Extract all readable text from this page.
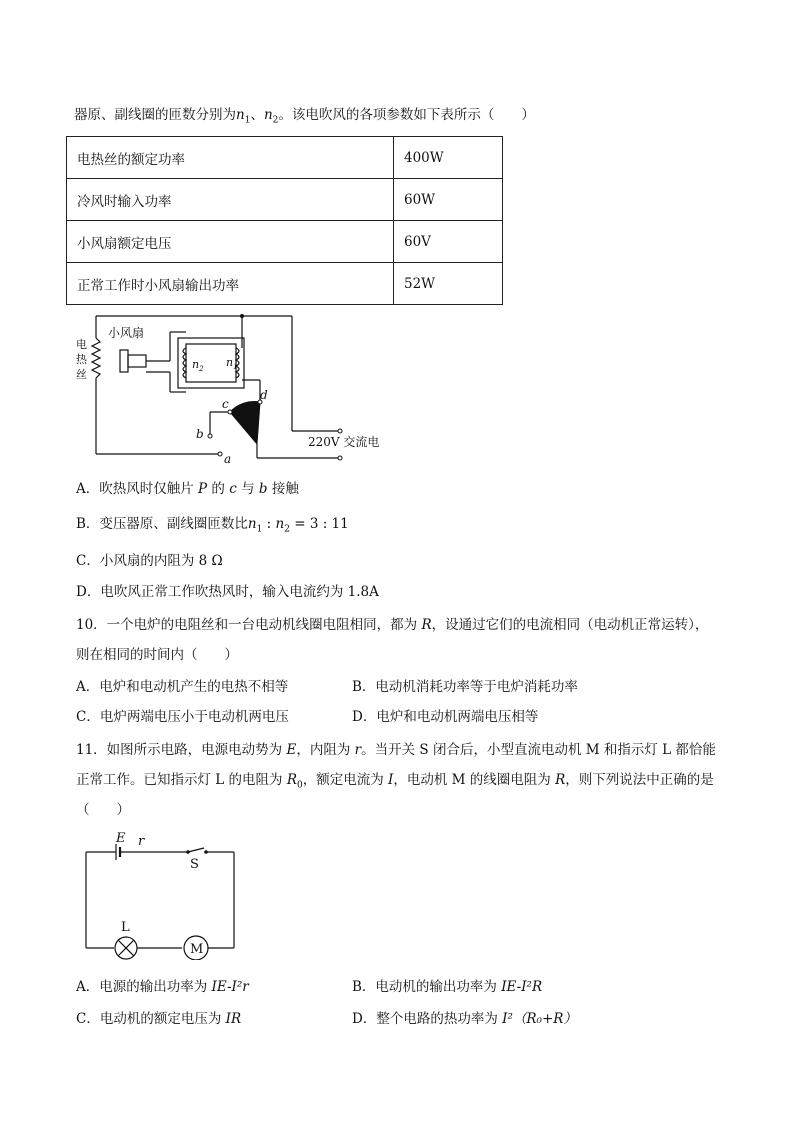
器原、副线圈的匝数分别为$n_1$、$n_2$。该电吹风的各项参数如下表所示（　　）
电热丝的额定功率	400W
冷风时输入功率	60W
小风扇额定电压	60V
正常工作时小风扇输出功率	52W
小风扇
电
热
丝
$n_2$ $n_1$
c
d
b
a
220V 交流电
A．吹热风时仅触片 P 的 c 与 b 接触
B．变压器原、副线圈匝数比$n_1$ : $n_2 = 3$ : 11
C．小风扇的内阻为 8 Ω
D．电吹风正常工作吹热风时，输入电流约为 1.8A
10．一个电炉的电阻丝和一台电动机线圈电阻相同，都为 R，设通过它们的电流相同（电动机正常运转），
则在相同的时间内（　　）
A．电炉和电动机产生的电热不相等	B．电动机消耗功率等于电炉消耗功率
C．电炉两端电压小于电动机两电压	D．电炉和电动机两端电压相等
11．如图所示电路，电源电动势为 E，内阻为 r。当开关 S 闭合后，小型直流电动机 M 和指示灯 L 都恰能
正常工作。已知指示灯 L 的电阻为 $R_0$，额定电流为 I，电动机 M 的线圈电阻为 R，则下列说法中正确的是
（　　）
E r
S
L
M
A．电源的输出功率为 IE-I²r	B．电动机的输出功率为 IE-I²R
C．电动机的额定电压为 IR	D．整个电路的热功率为 I²（R₀+R）
